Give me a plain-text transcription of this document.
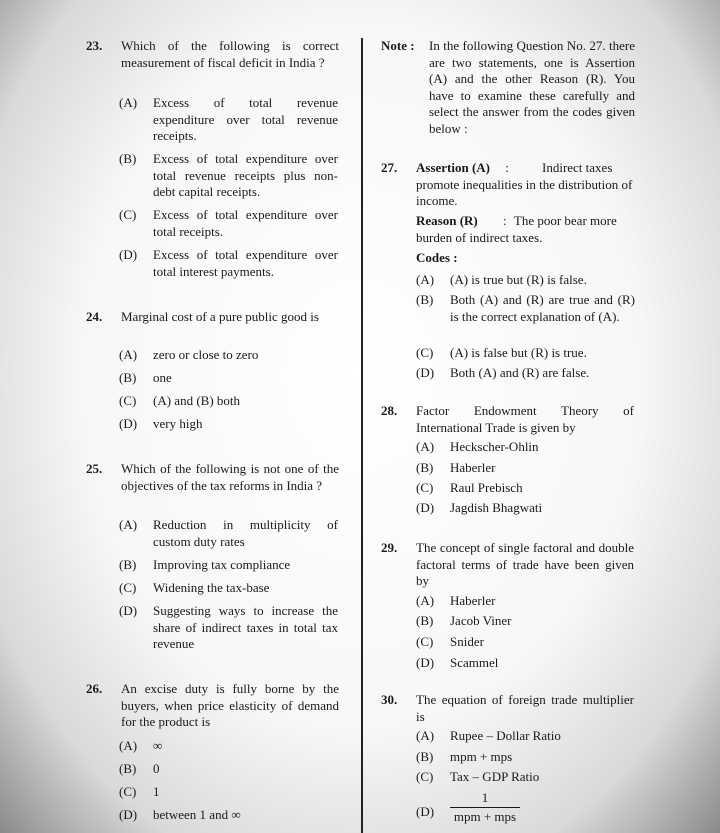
23. Which of the following is correct measurement of fiscal deficit in India ?
(A) Excess of total revenue expenditure over total revenue receipts.
(B) Excess of total expenditure over total revenue receipts plus non-debt capital receipts.
(C) Excess of total expenditure over total receipts.
(D) Excess of total expenditure over total interest payments.
24. Marginal cost of a pure public good is
(A) zero or close to zero
(B) one
(C) (A) and (B) both
(D) very high
25. Which of the following is not one of the objectives of the tax reforms in India ?
(A) Reduction in multiplicity of custom duty rates
(B) Improving tax compliance
(C) Widening the tax-base
(D) Suggesting ways to increase the share of indirect taxes in total tax revenue
26. An excise duty is fully borne by the buyers, when price elasticity of demand for the product is
(A) ∞
(B) 0
(C) 1
(D) between 1 and ∞
Note : In the following Question No. 27. there are two statements, one is Assertion (A) and the other Reason (R). You have to examine these carefully and select the answer from the codes given below :
27. Assertion (A) :	Indirect taxes promote inequalities in the distribution of income.
Reason (R) : The poor bear more burden of indirect taxes.
Codes :
(A) (A) is true but (R) is false.
(B) Both (A) and (R) are true and (R) is the correct explanation of (A).
(C) (A) is false but (R) is true.
(D) Both (A) and (R) are false.
28. Factor Endowment Theory of International Trade is given by
(A) Heckscher-Ohlin
(B) Haberler
(C) Raul Prebisch
(D) Jagdish Bhagwati
29. The concept of single factoral and double factoral terms of trade have been given by
(A) Haberler
(B) Jacob Viner
(C) Snider
(D) Scammel
30. The equation of foreign trade multiplier is
(A) Rupee – Dollar Ratio
(B) mpm + mps
(C) Tax – GDP Ratio
(D)
1
mpm + mps
